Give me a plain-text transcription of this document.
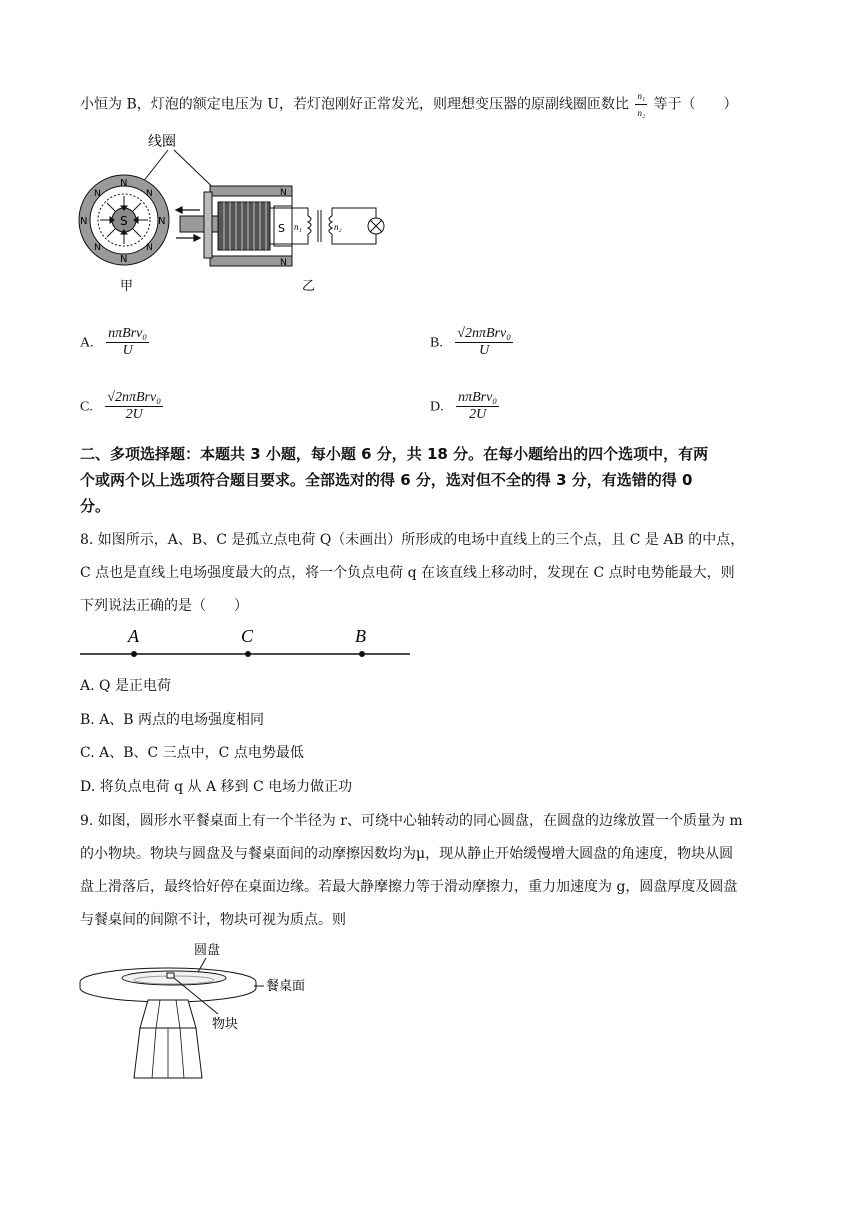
小恒为 B，灯泡的额定电压为 U，若灯泡刚好正常发光，则理想变压器的原副线圈匝数比 $\frac{\text{n₁}}{\text{n₂}}$ 等于（　　）
线圈
S
N
N
N	N
N	N
N	N
S
N
N
n₁	n₂
甲	乙
A. $\frac{\text{nπBrv₀}}{U}$	B. $\frac{\text{√2nπBrv₀}}{U}$
C. $\frac{\text{√2nπBrv₀}}{2U}$	D. $\frac{\text{nπBrv₀}}{2U}$
二、多项选择题：本题共 3 小题，每小题 6 分，共 18 分。在每小题给出的四个选项中，有两
个或两个以上选项符合题目要求。全部选对的得 6 分，选对但不全的得 3 分，有选错的得 0
分。
8. 如图所示，A、B、C 是孤立点电荷 Q（未画出）所形成的电场中直线上的三个点，且 C 是 AB 的中点，
C 点也是直线上电场强度最大的点，将一个负点电荷 q 在该直线上移动时，发现在 C 点时电势能最大，则
下列说法正确的是（　　）
A	C	B
A. Q 是正电荷
B. A、B 两点的电场强度相同
C. A、B、C 三点中，C 点电势最低
D. 将负点电荷 q 从 A 移到 C 电场力做正功
9. 如图，圆形水平餐桌面上有一个半径为 r、可绕中心轴转动的同心圆盘，在圆盘的边缘放置一个质量为 m
的小物块。物块与圆盘及与餐桌面间的动摩擦因数均为μ，现从静止开始缓慢增大圆盘的角速度，物块从圆
盘上滑落后，最终恰好停在桌面边缘。若最大静摩擦力等于滑动摩擦力，重力加速度为 g，圆盘厚度及圆盘
与餐桌间的间隙不计，物块可视为质点。则
圆盘
餐桌面
物块
